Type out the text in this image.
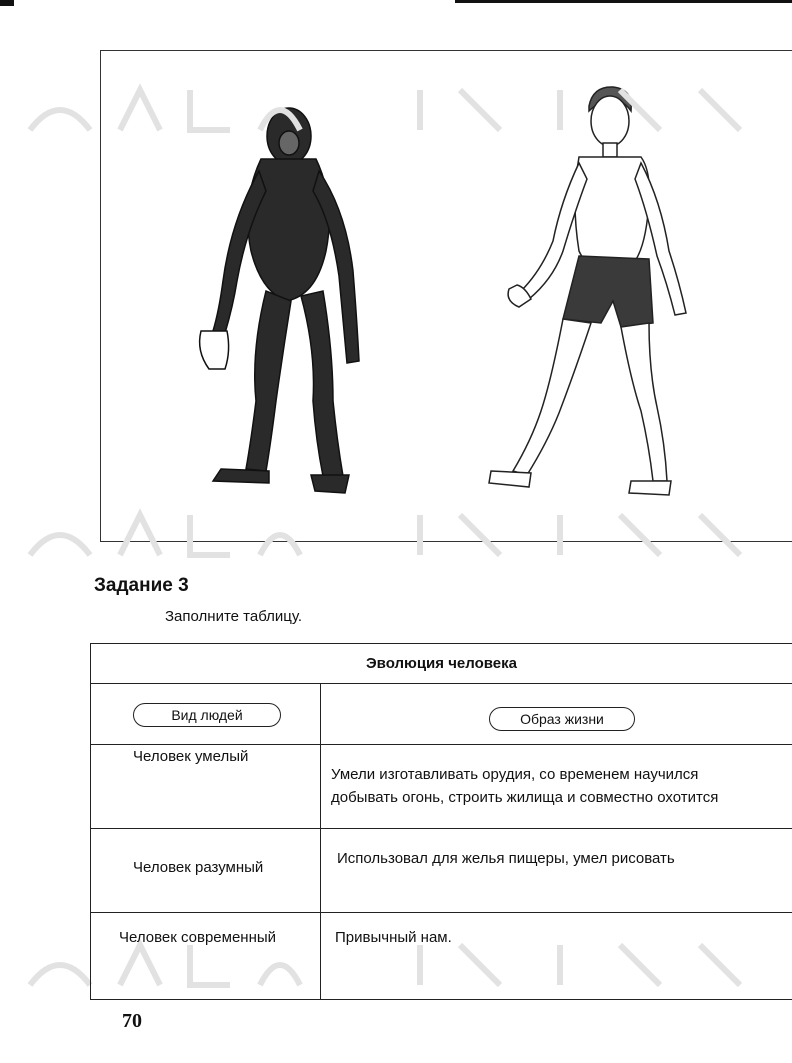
Задание 3
Заполните таблицу.
Эволюция человека
Вид людей	Образ жизни
Человек умелый
Умели изготавливать орудия, со временем научился
добывать огонь, строить жилища и совместно охотится
Человек разумный
Использовал для желья пищеры, умел рисовать
Человек современный	Привычный нам.
70
